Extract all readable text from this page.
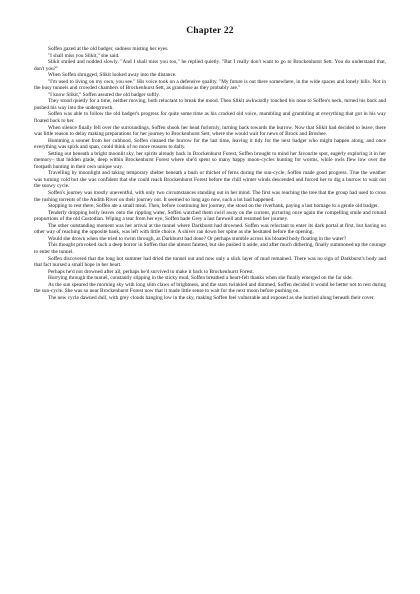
Chapter 22

Soffen gazed at the old badger, sadness misting her eyes.

"I shall miss you Slikit," she said.

Slikit smiled and nodded slowly. "And I shall miss you too," he replied quietly. "But I really don't want to go to Brockenhurst Sett. You do understand that, don't you?"

When Soffen shrugged, Slikit looked away into the distance.

"I'm used to living on my own, you see." His voice took on a defensive quality. "My future is out there somewhere, in the wide spaces and lonely hills. Not in the busy tunnels and crowded chambers of Brockenhurst Sett, as grandiose as they probably are."

"I know Slikit," Soffen assured the old badger softly.

They stood quietly for a time, neither moving, both reluctant to break the mood. Then Slikit awkwardly touched his nose to Soffen's neck, turned his back and pushed his way into the undergrowth.

Soffen was able to follow the old badger's progress for quite some time as his cracked old voice, mumbling and grumbling at everything that got in his way floated back to her.

When silence finally fell over the surroundings, Soffen shook her head forlornly, turning back towards the burrow. Now that Slikit had decided to leave, there was little reason to delay making preparations for her journey to Brockenhurst Sett, where she would wait for news of Brock and Broshee.

Humming a sonnet from her cubhood, Soffen cleaned the burrow for the last time, leaving it tidy for the next badger who might happen along, and once everything was spick and span, could think of no more reasons to dally.

Setting out beneath a bright moonlit sky, her spirits already back in Brockenhurst Forest, Soffen brought to mind her favourite spot, eagerly exploring it in her memory– that hidden glade, deep within Brockenhurst Forest where she'd spent so many happy moon-cycles hunting for worms, while owls flew low over the footpath hunting in their own unique way.

Travelling by moonlight and taking temporary shelter beneath a bush or thicket of ferns during the sun-cycle, Soffen made good progress. True the weather was turning cold but she was confident that she could reach Brockenhurst Forest before the chill winter winds descended and forced her to dig a burrow to wait out the snowy cycle.

Soffen's journey was mostly uneventful, with only two circumstances standing out in her mind. The first was reaching the tree that the group had used to cross the rushing torrents of the Andith River on their journey out. It seemed so long ago now, such a lot had happened.

Stopping to rest there, Soffen ate a small meal. Then, before continuing her journey, she stood on the riverbank, paying a last homage to a gentle old badger.

Tenderly dropping holly leaves onto the rippling water, Soffen watched them swirl away on the current, picturing once again the compelling smile and rotund proportions of the old Custodian. Wiping a tear from her eye, Soffen bade Grey a last farewell and resumed her journey.

The other outstanding moment was her arrival at the tunnel where Darkburst had drowned. Soffen was reluctant to enter its dark portal at first, but having no other way of reaching the opposite bank, was left with little choice. A shiver ran down her spine as she hesitated before the opening.

Would she drown when she tried to swim through, as Darkburst had done? Or perhaps stumble across his bloated body floating in the water?

This thought provoked such a deep horror in Soffen that she almost fainted, but she pushed it aside, and after much dithering, finally summoned up the courage to enter the tunnel.

Soffen discovered that the long hot summer had dried the tunnel out and now only a slick layer of mud remained. There was no sign of Darkburst's body and that fact nursed a small hope in her heart.

Perhaps he'd not drowned after all, perhaps he'd survived to make it back to Brockenhurst Forest.

Hurrying through the tunnel, constantly slipping in the sticky mud, Soffen breathed a heart-felt thanks when she finally emerged on the far side.

As the sun speared the morning sky with long slim claws of brightness, and the stars twinkled and dimmed, Soffen decided it would be better not to rest during the sun-cycle. She was so near Brockenhurst Forest now that it made little sense to wait for the next moon before pushing on.

The new cycle dawned dull, with grey clouds hanging low in the sky, making Soffen feel vulnerable and exposed as she hurried along beneath their cover.
